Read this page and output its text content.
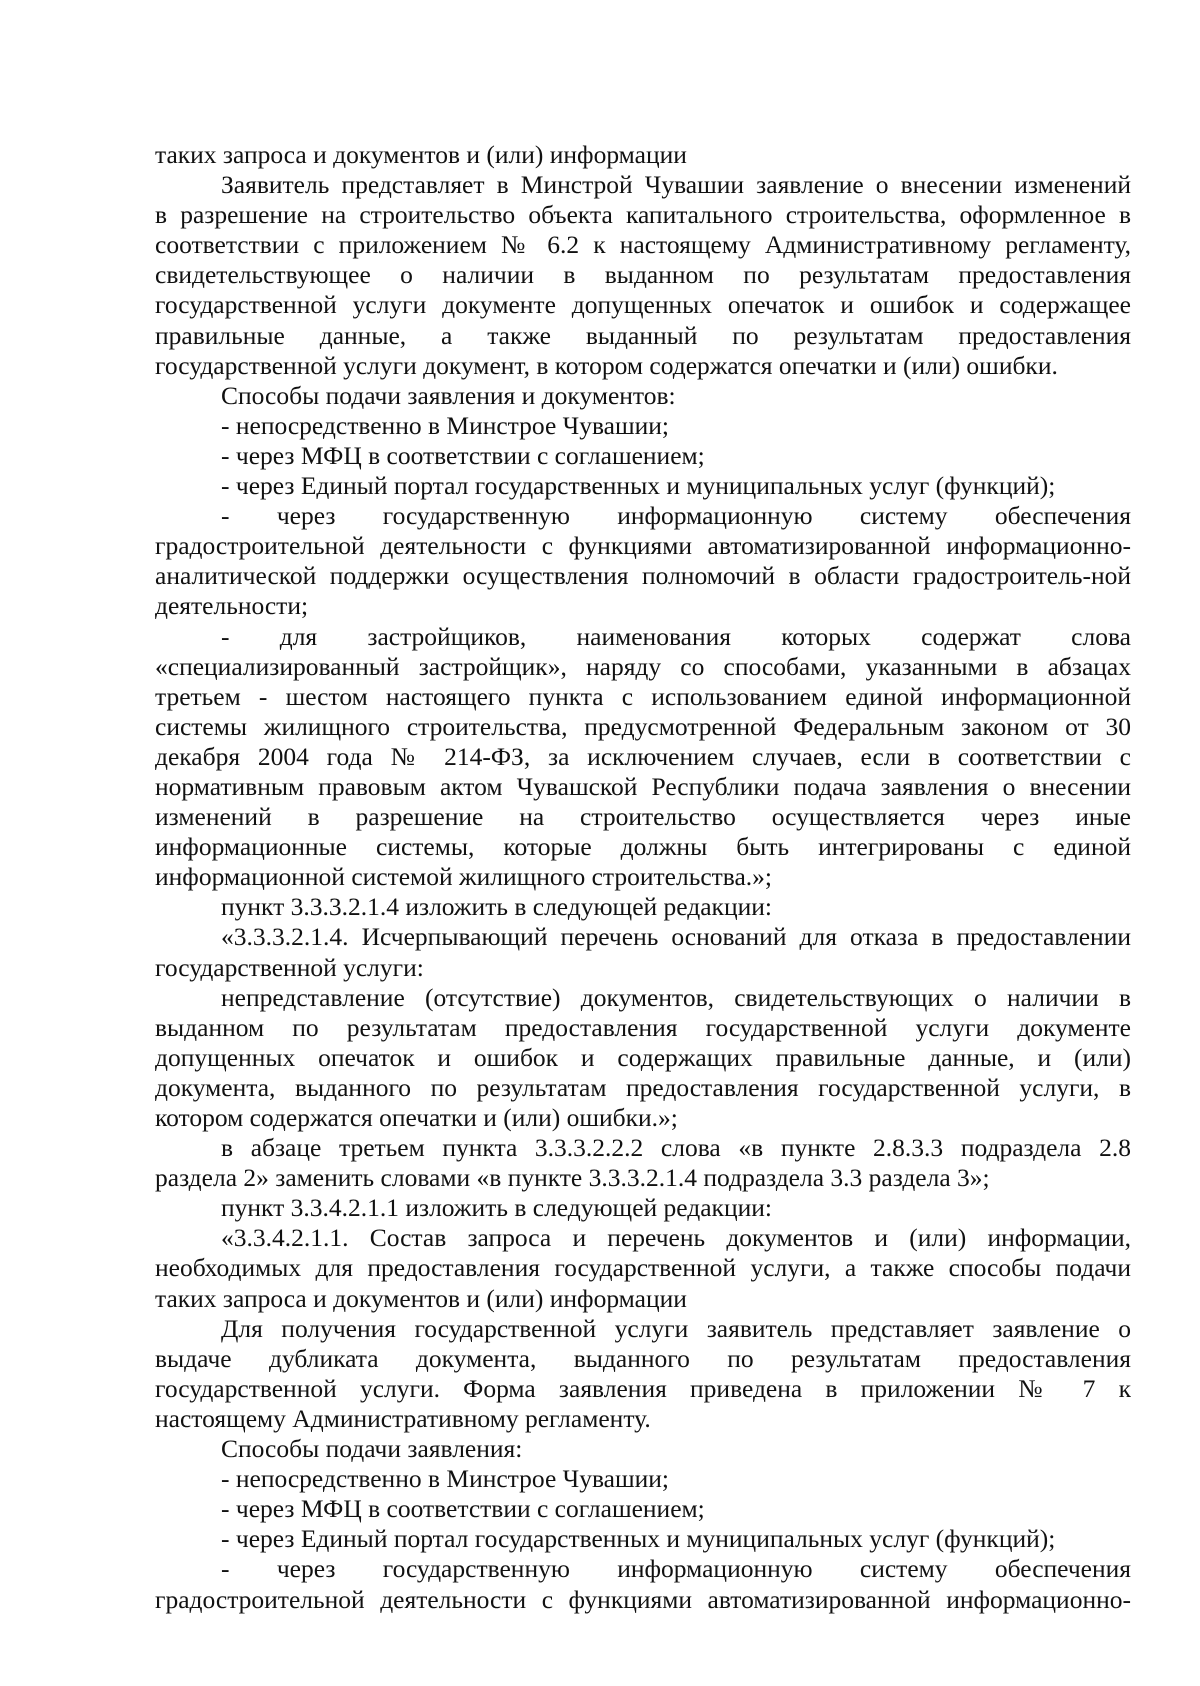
таких запроса и документов и (или) информации
Заявитель представляет в Минстрой Чувашии заявление о внесении изменений
в разрешение на строительство объекта капитального строительства, оформленное в
соответствии с приложением № 6.2 к настоящему Административному регламенту,
свидетельствующее о наличии в выданном по результатам предоставления
государственной услуги документе допущенных опечаток и ошибок и содержащее
правильные данные, а также выданный по результатам предоставления
государственной услуги документ, в котором содержатся опечатки и (или) ошибки.
Способы подачи заявления и документов:
- непосредственно в Минстрое Чувашии;
- через МФЦ в соответствии с соглашением;
- через Единый портал государственных и муниципальных услуг (функций);
- через государственную информационную систему обеспечения
градостроительной деятельности с функциями автоматизированной информационно-
аналитической поддержки осуществления полномочий в области градостроитель-ной
деятельности;
- для застройщиков, наименования которых содержат слова
«специализированный застройщик», наряду со способами, указанными в абзацах
третьем - шестом настоящего пункта с использованием единой информационной
системы жилищного строительства, предусмотренной Федеральным законом от 30
декабря 2004 года № 214-ФЗ, за исключением случаев, если в соответствии с
нормативным правовым актом Чувашской Республики подача заявления о внесении
изменений в разрешение на строительство осуществляется через иные
информационные системы, которые должны быть интегрированы с единой
информационной системой жилищного строительства.»;
пункт 3.3.3.2.1.4 изложить в следующей редакции:
«3.3.3.2.1.4. Исчерпывающий перечень оснований для отказа в предоставлении
государственной услуги:
непредставление (отсутствие) документов, свидетельствующих о наличии в
выданном по результатам предоставления государственной услуги документе
допущенных опечаток и ошибок и содержащих правильные данные, и (или)
документа, выданного по результатам предоставления государственной услуги, в
котором содержатся опечатки и (или) ошибки.»;
в абзаце третьем пункта 3.3.3.2.2.2 слова «в пункте 2.8.3.3 подраздела 2.8
раздела 2» заменить словами «в пункте 3.3.3.2.1.4 подраздела 3.3 раздела 3»;
пункт 3.3.4.2.1.1 изложить в следующей редакции:
«3.3.4.2.1.1. Состав запроса и перечень документов и (или) информации,
необходимых для предоставления государственной услуги, а также способы подачи
таких запроса и документов и (или) информации
Для получения государственной услуги заявитель представляет заявление о
выдаче дубликата документа, выданного по результатам предоставления
государственной услуги. Форма заявления приведена в приложении № 7 к
настоящему Административному регламенту.
Способы подачи заявления:
- непосредственно в Минстрое Чувашии;
- через МФЦ в соответствии с соглашением;
- через Единый портал государственных и муниципальных услуг (функций);
- через государственную информационную систему обеспечения
градостроительной деятельности с функциями автоматизированной информационно-
